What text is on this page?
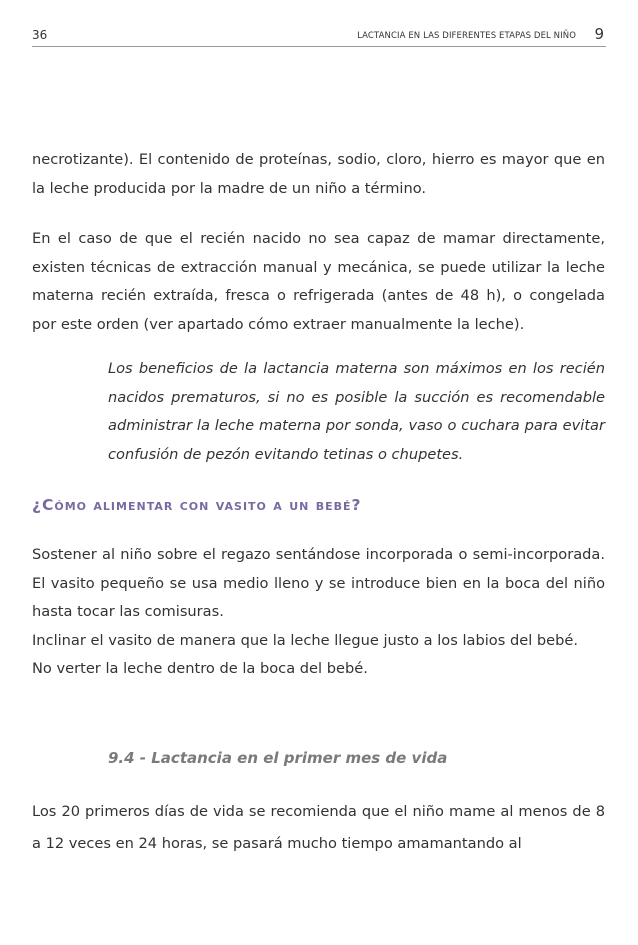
36	LACTANCIA EN LAS DIFERENTES ETAPAS DEL NIÑO 9

necrotizante). El contenido de proteínas, sodio, cloro, hierro es mayor que en la leche producida por la madre de un niño a término.

En el caso de que el recién nacido no sea capaz de mamar directamente, existen técnicas de extracción manual y mecánica, se puede utilizar la leche materna recién extraída, fresca o refrigerada (antes de 48 h), o congelada por este orden (ver apartado cómo extraer manualmente la leche).

Los beneficios de la lactancia materna son máximos en los recién nacidos prematuros, si no es posible la succión es recomendable administrar la leche materna por sonda, vaso o cuchara para evitar confusión de pezón evitando tetinas o chupetes.

¿Cómo alimentar con vasito a un bebé?

Sostener al niño sobre el regazo sentándose incorporada o semi-incorporada. El vasito pequeño se usa medio lleno y se introduce bien en la boca del niño hasta tocar las comisuras.

Inclinar el vasito de manera que la leche llegue justo a los labios del bebé.

No verter la leche dentro de la boca del bebé.

9.4 - Lactancia en el primer mes de vida

Los 20 primeros días de vida se recomienda que el niño mame al menos de 8 a 12 veces en 24 horas, se pasará mucho tiempo amamantando al
